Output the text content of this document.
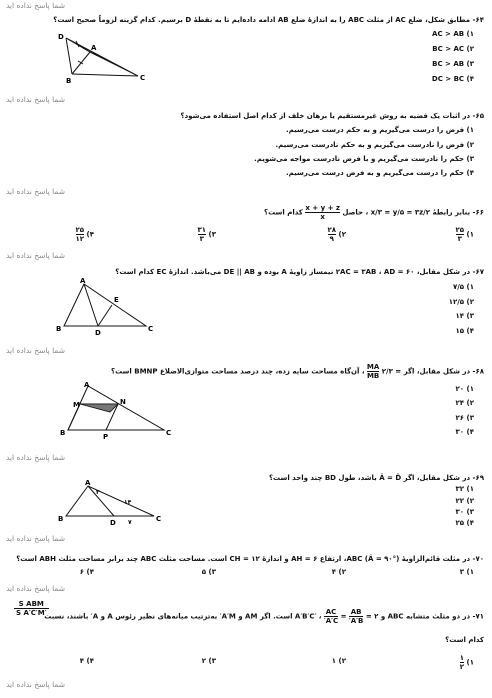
شما پاسخ نداده اید
۶۴- مطابق شکل، ضلع AC از مثلث ABC را به اندازهٔ ضلع AB ادامه داده‌ایم تا به نقطهٔ D برسیم. کدام گزینه لزوماً صحیح است؟
D
A
B	C
۱) AC > AB
۲) BC > AC
۳) BC > AB
۴) DC > BC
شما پاسخ نداده اید
۶۵- در اثبات یک قضیه به روش غیرمستقیم یا برهان خلف از کدام اصل استفاده می‌شود؟
۱) فرض را درست می‌گیریم و به حکم درست می‌رسیم.
۲) فرض را نادرست می‌گیریم و به حکم نادرست می‌رسیم.
۳) حکم را نادرست می‌گیریم و با فرض نادرست مواجه می‌شویم.
۴) حکم را درست می‌گیریم و به فرض درست می‌رسیم.
شما پاسخ نداده اید
۶۶- بنابر رابطهٔ x/۳ = y/۵ = ۳z/۲ ، حاصل
$\frac{x + y + z}{x}$
کدام است؟
۱)
$\frac{۲۵}{۳}$
۲)
$\frac{۲۸}{۹}$
۳)
$\frac{۳۱}{۳}$
۴)
$\frac{۲۵}{۱۲}$
شما پاسخ نداده اید
۶۷- در شکل مقابل، ۶۰ = ۲AC = ۳AB ، AD نیمساز زاویهٔ A بوده و DE || AB می‌باشد. اندازهٔ EC کدام است؟
A
E
B	D	C
۱) ۷/۵
۲) ۱۲/۵
۳) ۱۴
۴) ۱۵
شما پاسخ نداده اید
۶۸- در شکل مقابل، اگر = ۲/۳
$\frac{MA}{MB}$
، آن‌گاه مساحت سایه زده، چند درصد مساحت متوازی‌الاضلاع BMNP است؟
A
M	N
B	P	C
۱) ۲۰
۲) ۲۴
۳) ۲۶
۴) ۳۰
شما پاسخ نداده اید
۶۹- در شکل مقابل، اگر Â = D̂ باشد، طول BD چند واحد است؟
A
۲
۱۴
B	D ۷	C
۱) ۳۲
۲) ۲۲
۳) ۳۰
۴) ۲۵
شما پاسخ نداده اید
۷۰- در مثلث قائم‌الزاویهٔ ABC (Â = ۹۰°)، ارتفاع AH = ۶ و اندازهٔ CH = ۱۲ است. مساحت مثلث ABC چند برابر مساحت مثلث ABH است؟
۱) ۳
۲) ۴
۳) ۵
۴) ۶
شما پاسخ نداده اید
۷۱- در دو مثلث متشابه ABC و A′B′C′ ،
$\frac{AC}{A'C'} = \frac{AB}{A'B'}$ = ۲ است. اگر AM و A′M′ به‌ترتیب میانه‌های نظیر رئوس A و A′ باشند، نسبت
S ABM
S A′C′M′
کدام است؟
۱)
$\frac{۱}{۲}$
۲) ۱
۳) ۲
۴) ۴
شما پاسخ نداده اید
